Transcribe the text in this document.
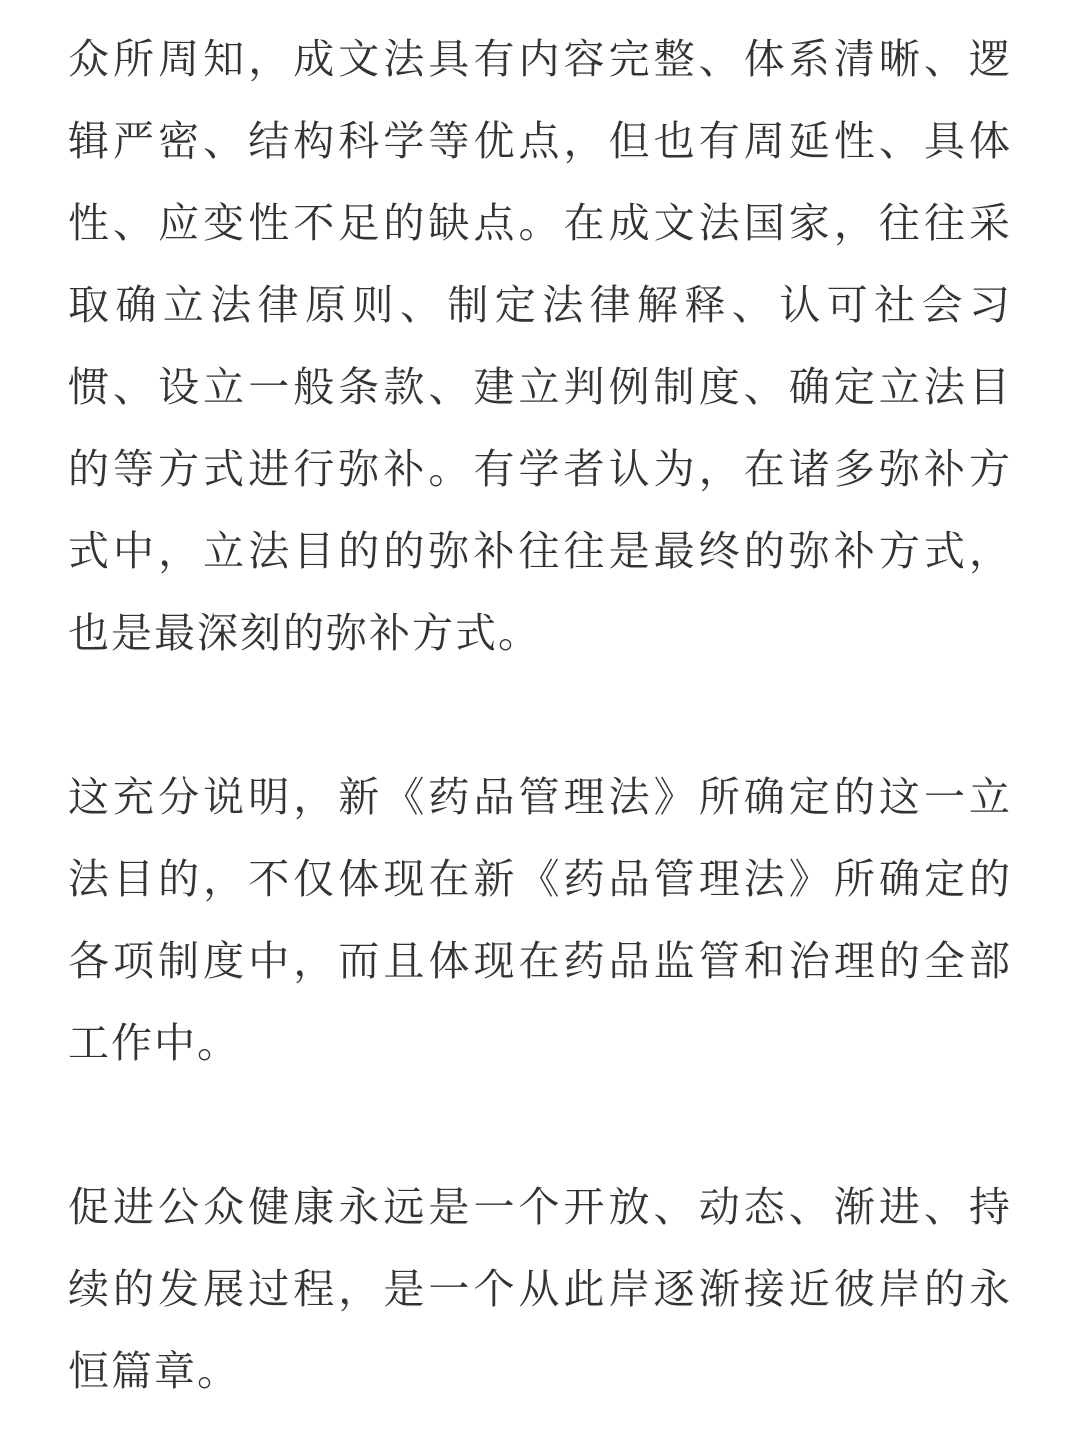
众所周知，成文法具有内容完整、体系清晰、逻辑严密、结构科学等优点，但也有周延性、具体性、应变性不足的缺点。在成文法国家，往往采取确立法律原则、制定法律解释、认可社会习惯、设立一般条款、建立判例制度、确定立法目的等方式进行弥补。有学者认为，在诸多弥补方式中，立法目的的弥补往往是最终的弥补方式，也是最深刻的弥补方式。

这充分说明，新《药品管理法》所确定的这一立法目的，不仅体现在新《药品管理法》所确定的各项制度中，而且体现在药品监管和治理的全部工作中。

促进公众健康永远是一个开放、动态、渐进、持续的发展过程，是一个从此岸逐渐接近彼岸的永恒篇章。
